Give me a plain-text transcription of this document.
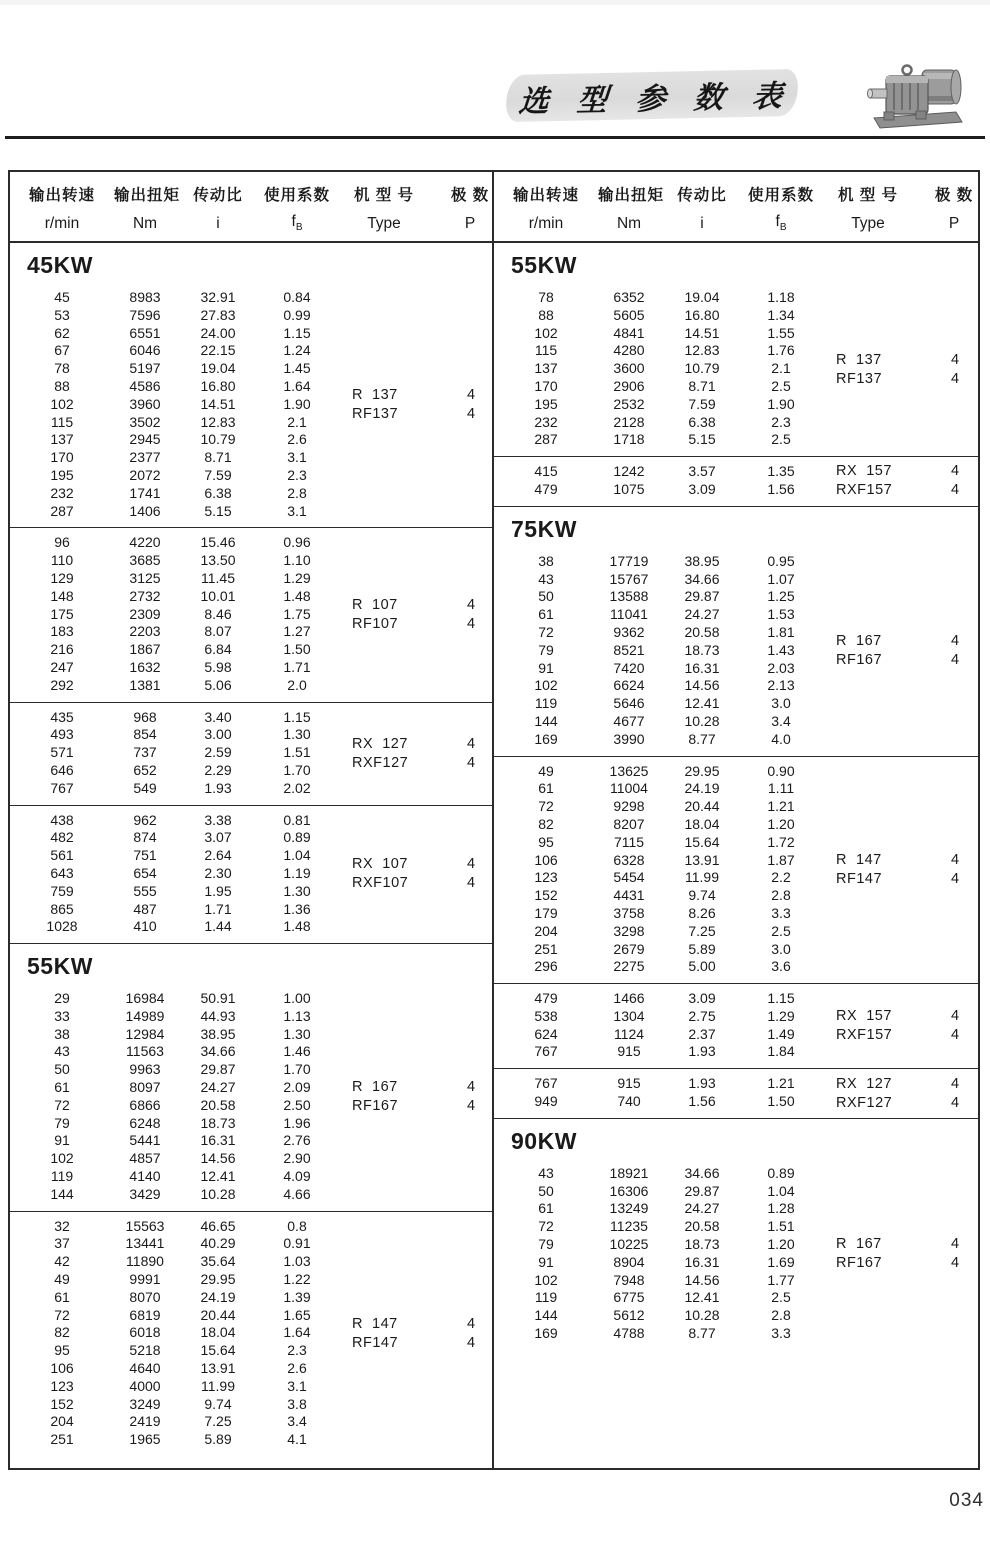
选 型 参 数 表
输出转速	输出扭矩 传动比	使用系数	机 型 号	极 数
r/min	Nm	i	$f_B$	Type	P
45KW
45	8983	32.91	0.84
53	7596	27.83	0.99
62	6551	24.00	1.15
67	6046	22.15	1.24
78	5197	19.04	1.45
88	4586	16.80	1.64
102	3960	14.51	1.90
115	3502	12.83	2.1
137	2945	10.79	2.6
170	2377	8.71	3.1
195	2072	7.59	2.3
232	1741	6.38	2.8
287	1406	5.15	3.1
R  137	4
RF137	4
96	4220	15.46	0.96
110	3685	13.50	1.10
129	3125	11.45	1.29
148	2732	10.01	1.48
175	2309	8.46	1.75
183	2203	8.07	1.27
216	1867	6.84	1.50
247	1632	5.98	1.71
292	1381	5.06	2.0
R  107	4
RF107	4
435	968	3.40	1.15
493	854	3.00	1.30
571	737	2.59	1.51
646	652	2.29	1.70
767	549	1.93	2.02
RX  127	4
RXF127	4
438	962	3.38	0.81
482	874	3.07	0.89
561	751	2.64	1.04
643	654	2.30	1.19
759	555	1.95	1.30
865	487	1.71	1.36
1028	410	1.44	1.48
RX  107	4
RXF107	4
55KW
29	16984	50.91	1.00
33	14989	44.93	1.13
38	12984	38.95	1.30
43	11563	34.66	1.46
50	9963	29.87	1.70
61	8097	24.27	2.09
72	6866	20.58	2.50
79	6248	18.73	1.96
91	5441	16.31	2.76
102	4857	14.56	2.90
119	4140	12.41	4.09
144	3429	10.28	4.66
R  167	4
RF167	4
32	15563	46.65	0.8
37	13441	40.29	0.91
42	11890	35.64	1.03
49	9991	29.95	1.22
61	8070	24.19	1.39
72	6819	20.44	1.65
82	6018	18.04	1.64
95	5218	15.64	2.3
106	4640	13.91	2.6
123	4000	11.99	3.1
152	3249	9.74	3.8
204	2419	7.25	3.4
251	1965	5.89	4.1
R  147	4
RF147	4
输出转速	输出扭矩 传动比	使用系数	机 型 号	极 数
r/min	Nm	i	$f_B$	Type	P
55KW
78	6352	19.04	1.18
88	5605	16.80	1.34
102	4841	14.51	1.55
115	4280	12.83	1.76
137	3600	10.79	2.1
170	2906	8.71	2.5
195	2532	7.59	1.90
232	2128	6.38	2.3
287	1718	5.15	2.5
R  137	4
RF137	4
415	1242	3.57	1.35
479	1075	3.09	1.56
RX  157	4
RXF157	4
75KW
38	17719	38.95	0.95
43	15767	34.66	1.07
50	13588	29.87	1.25
61	11041	24.27	1.53
72	9362	20.58	1.81
79	8521	18.73	1.43
91	7420	16.31	2.03
102	6624	14.56	2.13
119	5646	12.41	3.0
144	4677	10.28	3.4
169	3990	8.77	4.0
R  167	4
RF167	4
49	13625	29.95	0.90
61	11004	24.19	1.11
72	9298	20.44	1.21
82	8207	18.04	1.20
95	7115	15.64	1.72
106	6328	13.91	1.87
123	5454	11.99	2.2
152	4431	9.74	2.8
179	3758	8.26	3.3
204	3298	7.25	2.5
251	2679	5.89	3.0
296	2275	5.00	3.6
R  147	4
RF147	4
479	1466	3.09	1.15
538	1304	2.75	1.29
624	1124	2.37	1.49
767	915	1.93	1.84
RX  157	4
RXF157	4
767	915	1.93	1.21
949	740	1.56	1.50
RX  127	4
RXF127	4
90KW
43	18921	34.66	0.89
50	16306	29.87	1.04
61	13249	24.27	1.28
72	11235	20.58	1.51
79	10225	18.73	1.20
91	8904	16.31	1.69
102	7948	14.56	1.77
119	6775	12.41	2.5
144	5612	10.28	2.8
169	4788	8.77	3.3
R  167	4
RF167	4
034
